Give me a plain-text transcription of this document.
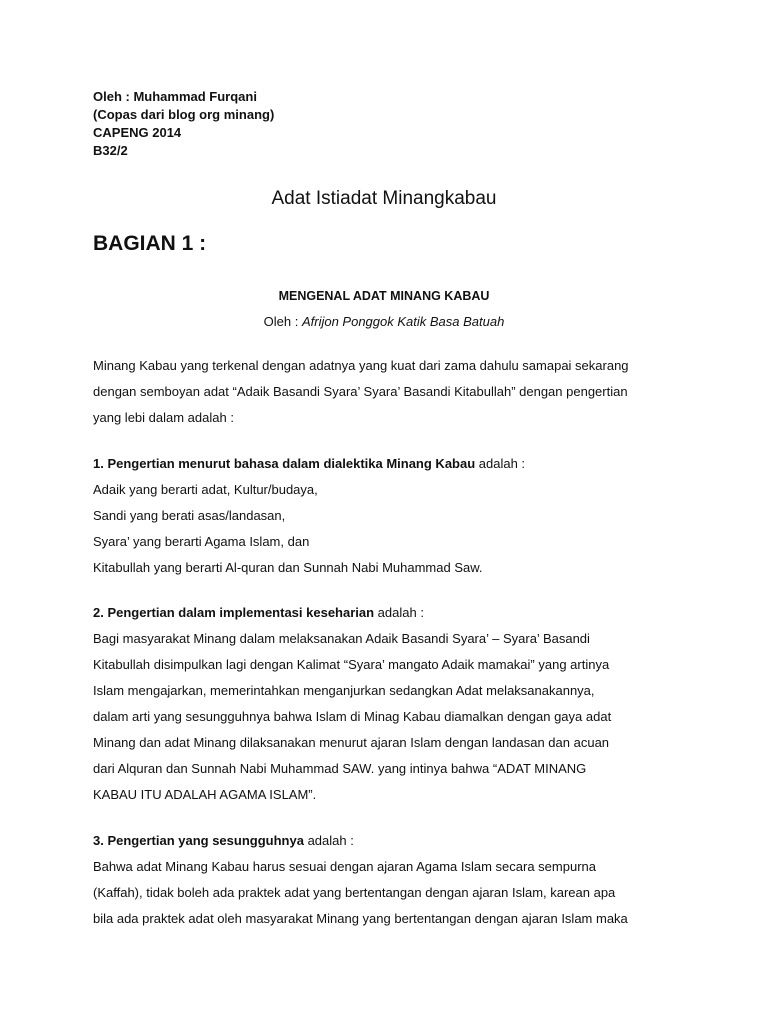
Oleh : Muhammad Furqani
(Copas dari blog org minang)
CAPENG 2014
B32/2
Adat Istiadat Minangkabau
BAGIAN 1 :
MENGENAL ADAT MINANG KABAU
Oleh : Afrijon Ponggok Katik Basa Batuah
Minang Kabau yang terkenal dengan adatnya yang kuat dari zama dahulu samapai sekarang
dengan semboyan adat “Adaik Basandi Syara’ Syara’ Basandi Kitabullah” dengan pengertian
yang lebi dalam adalah :
1. Pengertian menurut bahasa dalam dialektika Minang Kabau adalah :
Adaik yang berarti adat, Kultur/budaya,
Sandi yang berati asas/landasan,
Syara’ yang berarti Agama Islam, dan
Kitabullah yang berarti Al-quran dan Sunnah Nabi Muhammad Saw.
2. Pengertian dalam implementasi keseharian adalah :
Bagi masyarakat Minang dalam melaksanakan Adaik Basandi Syara’ – Syara’ Basandi
Kitabullah disimpulkan lagi dengan Kalimat “Syara’ mangato Adaik mamakai” yang artinya
Islam mengajarkan, memerintahkan menganjurkan sedangkan Adat melaksanakannya,
dalam arti yang sesungguhnya bahwa Islam di Minag Kabau diamalkan dengan gaya adat
Minang dan adat Minang dilaksanakan menurut ajaran Islam dengan landasan dan acuan
dari Alquran dan Sunnah Nabi Muhammad SAW. yang intinya bahwa “ADAT MINANG
KABAU ITU ADALAH AGAMA ISLAM”.
3. Pengertian yang sesungguhnya adalah :
Bahwa adat Minang Kabau harus sesuai dengan ajaran Agama Islam secara sempurna
(Kaffah), tidak boleh ada praktek adat yang bertentangan dengan ajaran Islam, karean apa
bila ada praktek adat oleh masyarakat Minang yang bertentangan dengan ajaran Islam maka
